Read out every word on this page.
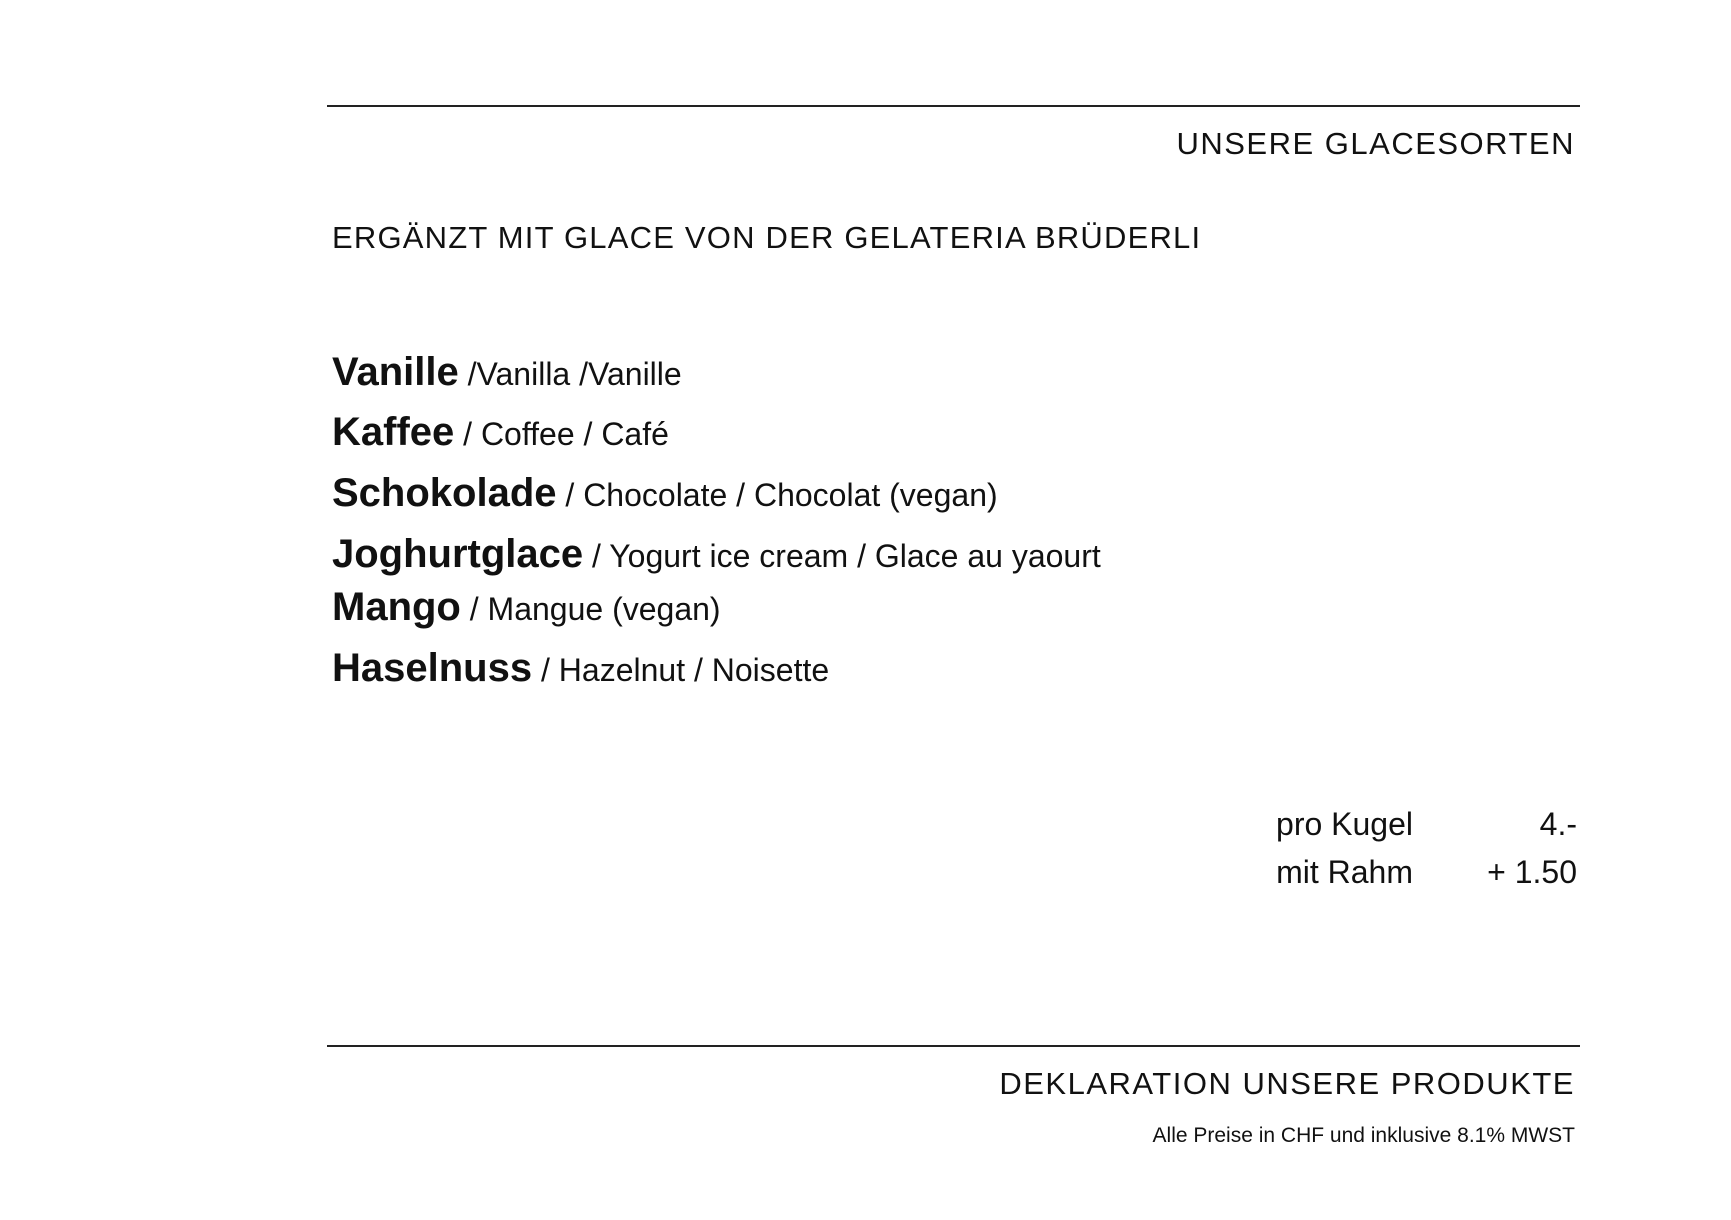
UNSERE GLACESORTEN
ERGÄNZT MIT GLACE VON DER GELATERIA BRÜDERLI
Vanille /Vanilla /Vanille
Kaffee / Coffee / Café
Schokolade / Chocolate / Chocolat (vegan)
Joghurtglace / Yogurt ice cream / Glace au yaourt
Mango / Mangue (vegan)
Haselnuss / Hazelnut / Noisette
pro Kugel	4.-
mit Rahm + 1.50
DEKLARATION UNSERE PRODUKTE
Alle Preise in CHF und inklusive 8.1% MWST
